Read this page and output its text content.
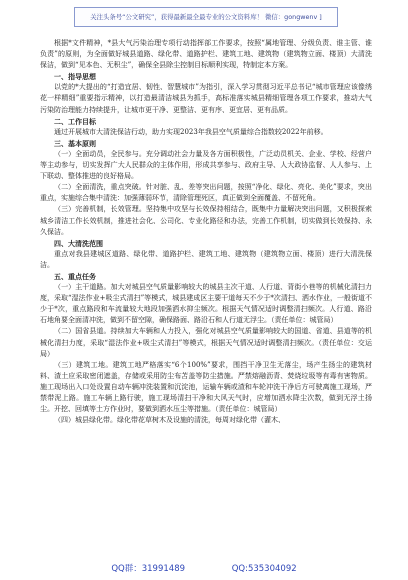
关注头条号“公文研究”，获得最新最全最专业的公文资料库！ 微信：gongwenv ]

根据*文件精神，*县大气污染治理专项行动指挥部工作要求，按照“属地管理、分级负责、谁主管、谁负责”的原则，为全面做好城县道路、绿化带、道路护栏、建筑工地、建筑物（建筑物立面、楼顶）大清洗保洁，做到“见本色、无积尘”，确保全县除尘控制目标顺利实现，特制定本方案。

一、指导思想

以党的*大提出的“打造宜居、韧性、智慧城市”为指引，深入学习贯彻习近平总书记“城市管理应该像绣花一样精细”重要指示精神，以打造最清洁城县为抓手，高标准落实城县精细管理各项工作要求，推动大气污染防治理能力持续提升，让城市更干净、更整洁、更有序、更宜居、更有品质。

二、工作目标

通过开展城市大清洗保洁行动，助力实现2023年我县空气质量综合指数较2022年前移。

三、基本原则

（一）全面动员，全民参与。充分调动社会力量及各方面积极性，广泛动员机关、企业、学校、经营户等主动参与，切实发挥广大人民群众的主体作用，形成共享参与、政府主导、人大政协监督、人人参与、上下联动、整体推进的良好格局。

（二）全面清洗，重点突破。针对脏、乱、差等突出问题，按照“净化、绿化、亮化、美化”要求，突出重点，实施综合集中清洗：加强薄弱环节，清除管理死区，真正做到全面覆盖、不留死角。

（三）完善机制，长效管理。坚持集中攻坚与长效保持相结合，既集中力量解决突出问题，又积极探索城乡清洁工作长效机制，推进社会化、公司化、专业化路径和办法，完善工作机制，切实做到长效保持、永久保洁。

四、大清洗范围

重点对我县建城区道路、绿化带、道路护栏、建筑工地、建筑物（建筑物立面、楼顶）进行大清洗保洁。

五、重点任务

（一）主干道路。加大对城县空气质量影响较大的城县主次干道、人行道、背街小巷等的机械化清扫力度，采取“湿法作业+吸尘式清扫”等模式，城县建成区主要干道每天不少于*次清扫、洒水作业，一般街道不少于*次，重点路段和车流量较大地段加强洒水抑尘频次。根据天气情况适时调整清扫频次。人行道、路沿石地角要全面清冲洗，做到不留空隙，确保路面、路沿石和人行道无浮尘。（责任单位：城管局）

（二）国省县道。持续加大车辆和人力投入，强化对城县空气质量影响较大的国道、省道、县道等的机械化清扫力度，采取“湿法作业+吸尘式清扫”等模式，根据天气情况适时调整清扫频次。（责任单位：交运局）

（三）建筑工地。建筑工地严格落实“6个100%”要求，围挡干净卫生无落尘，场产生扬尘的建筑材料、渣土应采取密闭遮盖，存储或采用防尘布苫盖等防尘措施。严禁熔融沥青、焚烧垃圾等有毒有害物质。施工现场出入口处设置自动车辆冲洗装置和沉淀池，运输车辆或渣和车轮冲洗干净后方可驶离施工现场，严禁带泥上路。施工车辆上路行驶，施工现场清扫干净和大风天气时，应增加洒水降尘次数，做到无浮土扬尘。开挖、回填等土方作业时，要做到洒水压尘等措施。（责任单位：城管局）

（四）城县绿化带。绿化带花草树木及设施的清洗，每周对绿化带（灌木、

QQ群：31991489	QQ:535304092
